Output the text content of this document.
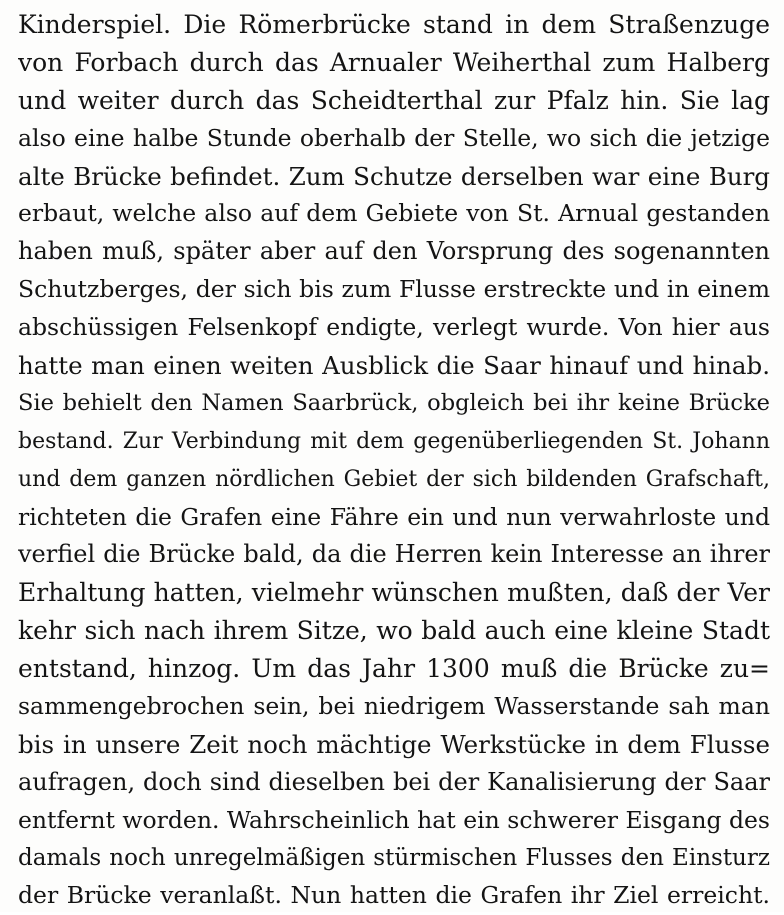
Kinderspiel. Die Römerbrücke stand in dem Straßenzuge
von Forbach durch das Arnualer Weiherthal zum Halberg
und weiter durch das Scheidterthal zur Pfalz hin. Sie lag
also eine halbe Stunde oberhalb der Stelle, wo sich die jetzige
alte Brücke befindet. Zum Schutze derselben war eine Burg
erbaut, welche also auf dem Gebiete von St. Arnual gestanden
haben muß, später aber auf den Vorsprung des sogenannten
Schutzberges, der sich bis zum Flusse erstreckte und in einem
abschüssigen Felsenkopf endigte, verlegt wurde. Von hier aus
hatte man einen weiten Ausblick die Saar hinauf und hinab.
Sie behielt den Namen Saarbrück, obgleich bei ihr keine Brücke
bestand. Zur Verbindung mit dem gegenüberliegenden St. Johann
und dem ganzen nördlichen Gebiet der sich bildenden Grafschaft,
richteten die Grafen eine Fähre ein und nun verwahrloste und
verfiel die Brücke bald, da die Herren kein Interesse an ihrer
Erhaltung hatten, vielmehr wünschen mußten, daß der Ver
kehr sich nach ihrem Sitze, wo bald auch eine kleine Stadt
entstand, hinzog. Um das Jahr 1300 muß die Brücke zu=
sammengebrochen sein, bei niedrigem Wasserstande sah man
bis in unsere Zeit noch mächtige Werkstücke in dem Flusse
aufragen, doch sind dieselben bei der Kanalisierung der Saar
entfernt worden. Wahrscheinlich hat ein schwerer Eisgang des
damals noch unregelmäßigen stürmischen Flusses den Einsturz
der Brücke veranlaßt. Nun hatten die Grafen ihr Ziel erreicht.
